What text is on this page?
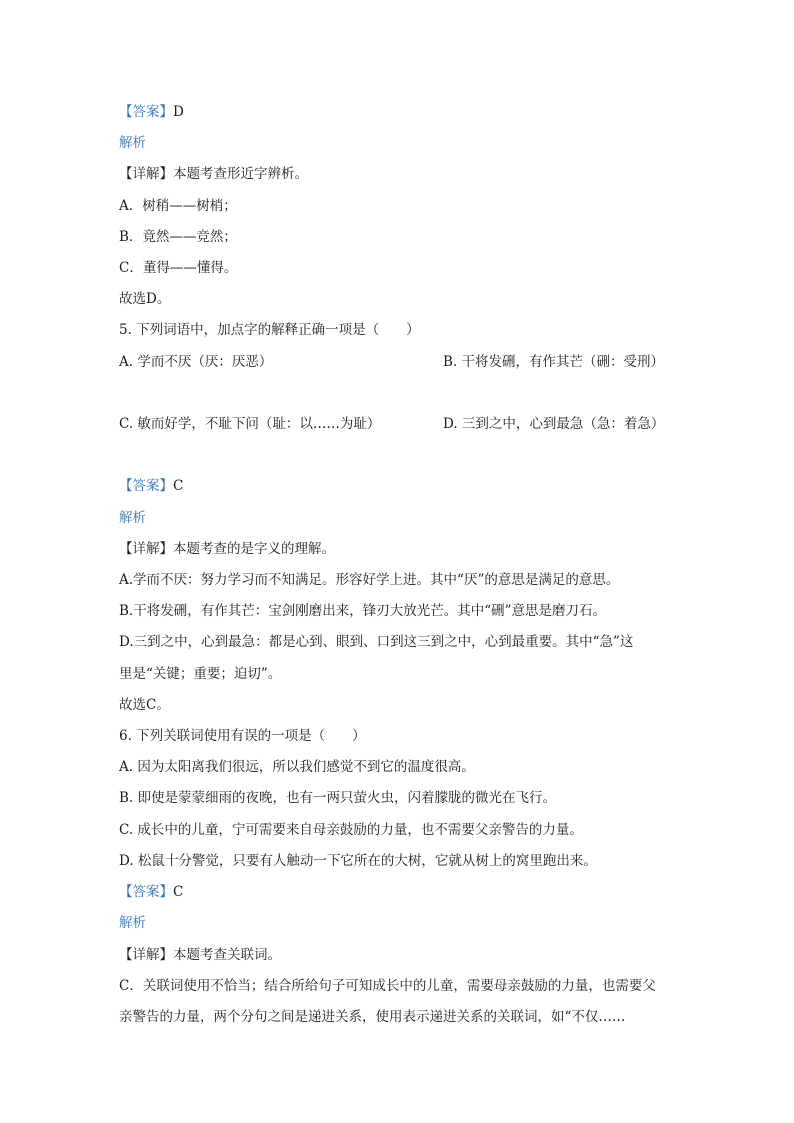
【答案】D
解析
【详解】本题考查形近字辨析。
A．树稍——树梢；
B．竟然——竞然；
C．董得——懂得。
故选D。
5. 下列词语中，加点字的解释正确一项是（　　）
A. 学而不厌（厌：厌恶）	B. 干将发硎，有作其芒（硎：受刑）
C. 敏而好学，不耻下问（耻：以……为耻）	D. 三到之中，心到最急（急：着急）
【答案】C
解析
【详解】本题考查的是字义的理解。
A.学而不厌：努力学习而不知满足。形容好学上进。其中“厌”的意思是满足的意思。
B.干将发硎，有作其芒：宝剑刚磨出来，锋刃大放光芒。其中“硎”意思是磨刀石。
D.三到之中，心到最急：都是心到、眼到、口到这三到之中，心到最重要。其中“急”这
里是“关键；重要；迫切”。
故选C。
6. 下列关联词使用有误的一项是（　　）
A. 因为太阳离我们很远，所以我们感觉不到它的温度很高。
B. 即使是蒙蒙细雨的夜晚，也有一两只萤火虫，闪着朦胧的微光在飞行。
C. 成长中的儿童，宁可需要来自母亲鼓励的力量，也不需要父亲警告的力量。
D. 松鼠十分警觉，只要有人触动一下它所在的大树，它就从树上的窝里跑出来。
【答案】C
解析
【详解】本题考查关联词。
C．关联词使用不恰当；结合所给句子可知成长中的儿童，需要母亲鼓励的力量，也需要父
亲警告的力量，两个分句之间是递进关系，使用表示递进关系的关联词，如“不仅……
